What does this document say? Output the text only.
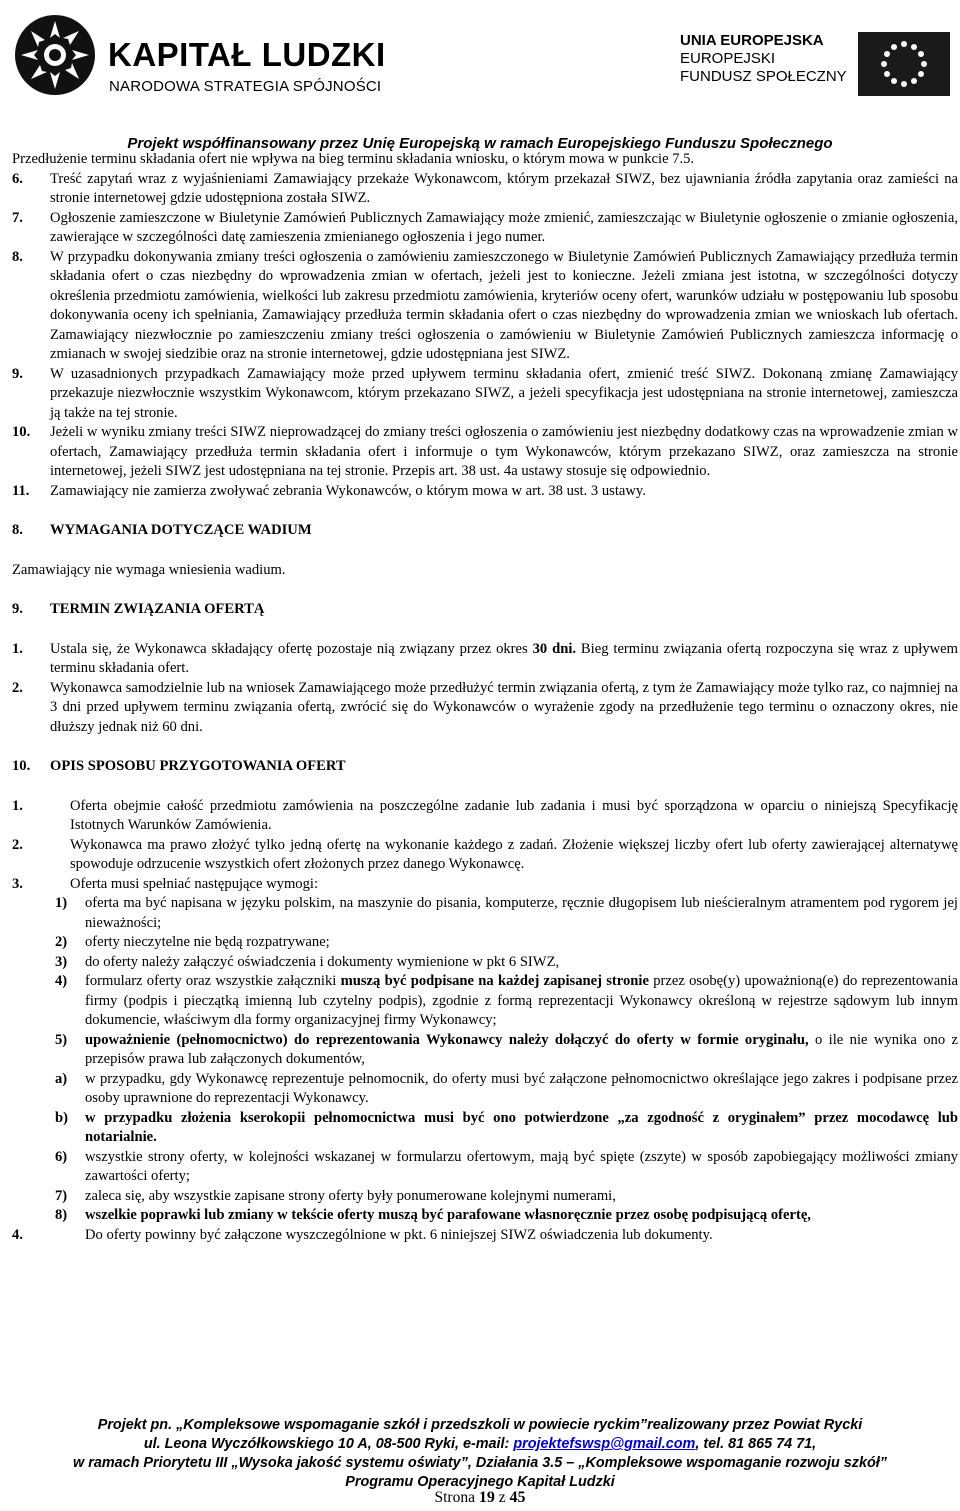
KAPITAŁ LUDZKI
NARODOWA STRATEGIA SPÓJNOŚCI
UNIA EUROPEJSKA
EUROPEJSKI
FUNDUSZ SPOŁECZNY
Projekt współfinansowany przez Unię Europejską w ramach Europejskiego Funduszu Społecznego

Przedłużenie terminu składania ofert nie wpływa na bieg terminu składania wniosku, o którym mowa w punkcie 7.5.

6. Treść zapytań wraz z wyjaśnieniami Zamawiający przekaże Wykonawcom, którym przekazał SIWZ, bez ujawniania źródła zapytania oraz zamieści na stronie internetowej gdzie udostępniona została SIWZ.
7. Ogłoszenie zamieszczone w Biuletynie Zamówień Publicznych Zamawiający może zmienić, zamieszczając w Biuletynie ogłoszenie o zmianie ogłoszenia, zawierające w szczególności datę zamieszenia zmienianego ogłoszenia i jego numer.
8. W przypadku dokonywania zmiany treści ogłoszenia o zamówieniu zamieszczonego w Biuletynie Zamówień Publicznych Zamawiający przedłuża termin składania ofert o czas niezbędny do wprowadzenia zmian w ofertach, jeżeli jest to konieczne. Jeżeli zmiana jest istotna, w szczególności dotyczy określenia przedmiotu zamówienia, wielkości lub zakresu przedmiotu zamówienia, kryteriów oceny ofert, warunków udziału w postępowaniu lub sposobu dokonywania oceny ich spełniania, Zamawiający przedłuża termin składania ofert o czas niezbędny do wprowadzenia zmian we wnioskach lub ofertach. Zamawiający niezwłocznie po zamieszczeniu zmiany treści ogłoszenia o zamówieniu w Biuletynie Zamówień Publicznych zamieszcza informację o zmianach w swojej siedzibie oraz na stronie internetowej, gdzie udostępniana jest SIWZ.
9. W uzasadnionych przypadkach Zamawiający może przed upływem terminu składania ofert, zmienić treść SIWZ. Dokonaną zmianę Zamawiający przekazuje niezwłocznie wszystkim Wykonawcom, którym przekazano SIWZ, a jeżeli specyfikacja jest udostępniana na stronie internetowej, zamieszcza ją także na tej stronie.
10. Jeżeli w wyniku zmiany treści SIWZ nieprowadzącej do zmiany treści ogłoszenia o zamówieniu jest niezbędny dodatkowy czas na wprowadzenie zmian w ofertach, Zamawiający przedłuża termin składania ofert i informuje o tym Wykonawców, którym przekazano SIWZ, oraz zamieszcza na stronie internetowej, jeżeli SIWZ jest udostępniana na tej stronie. Przepis art. 38 ust. 4a ustawy stosuje się odpowiednio.
11. Zamawiający nie zamierza zwoływać zebrania Wykonawców, o którym mowa w art. 38 ust. 3 ustawy.

8. WYMAGANIA DOTYCZĄCE WADIUM

Zamawiający nie wymaga wniesienia wadium.

9. TERMIN ZWIĄZANIA OFERTĄ

1. Ustala się, że Wykonawca składający ofertę pozostaje nią związany przez okres 30 dni. Bieg terminu związania ofertą rozpoczyna się wraz z upływem terminu składania ofert.
2. Wykonawca samodzielnie lub na wniosek Zamawiającego może przedłużyć termin związania ofertą, z tym że Zamawiający może tylko raz, co najmniej na 3 dni przed upływem terminu związania ofertą, zwrócić się do Wykonawców o wyrażenie zgody na przedłużenie tego terminu o oznaczony okres, nie dłuższy jednak niż 60 dni.

10. OPIS SPOSOBU PRZYGOTOWANIA OFERT

1.	Oferta obejmie całość przedmiotu zamówienia na poszczególne zadanie lub zadania i musi być sporządzona w oparciu o niniejszą Specyfikację Istotnych Warunków Zamówienia.
2.	Wykonawca ma prawo złożyć tylko jedną ofertę na wykonanie każdego z zadań. Złożenie większej liczby ofert lub oferty zawierającej alternatywę spowoduje odrzucenie wszystkich ofert złożonych przez danego Wykonawcę.
3.	Oferta musi spełniać następujące wymogi:
1) oferta ma być napisana w języku polskim, na maszynie do pisania, komputerze, ręcznie długopisem lub nieścieralnym atramentem pod rygorem jej nieważności;
2) oferty nieczytelne nie będą rozpatrywane;
3) do oferty należy załączyć oświadczenia i dokumenty wymienione w pkt 6 SIWZ,
4) formularz oferty oraz wszystkie załączniki muszą być podpisane na każdej zapisanej stronie przez osobę(y) upoważnioną(e) do reprezentowania firmy (podpis i pieczątką imienną lub czytelny podpis), zgodnie z formą reprezentacji Wykonawcy określoną w rejestrze sądowym lub innym dokumencie, właściwym dla formy organizacyjnej firmy Wykonawcy;
5) upoważnienie (pełnomocnictwo) do reprezentowania Wykonawcy należy dołączyć do oferty w formie oryginału, o ile nie wynika ono z przepisów prawa lub załączonych dokumentów,
a) w przypadku, gdy Wykonawcę reprezentuje pełnomocnik, do oferty musi być załączone pełnomocnictwo określające jego zakres i podpisane przez osoby uprawnione do reprezentacji Wykonawcy.
b) w przypadku złożenia kserokopii pełnomocnictwa musi być ono potwierdzone „za zgodność z oryginałem” przez mocodawcę lub notarialnie.
6) wszystkie strony oferty, w kolejności wskazanej w formularzu ofertowym, mają być spięte (zszyte) w sposób zapobiegający możliwości zmiany zawartości oferty;
7) zaleca się, aby wszystkie zapisane strony oferty były ponumerowane kolejnymi numerami,
8) wszelkie poprawki lub zmiany w tekście oferty muszą być parafowane własnoręcznie przez osobę podpisującą ofertę,
4.	Do oferty powinny być załączone wyszczególnione w pkt. 6 niniejszej SIWZ oświadczenia lub dokumenty.
Projekt pn. „Kompleksowe wspomaganie szkół i przedszkoli w powiecie ryckim”realizowany przez Powiat Rycki
ul. Leona Wyczółkowskiego 10 A, 08-500 Ryki, e-mail: projektefswsp@gmail.com, tel. 81 865 74 71,
w ramach Priorytetu III „Wysoka jakość systemu oświaty”, Działania 3.5 – „Kompleksowe wspomaganie rozwoju szkół”
Programu Operacyjnego Kapitał Ludzki
Strona 19 z 45
